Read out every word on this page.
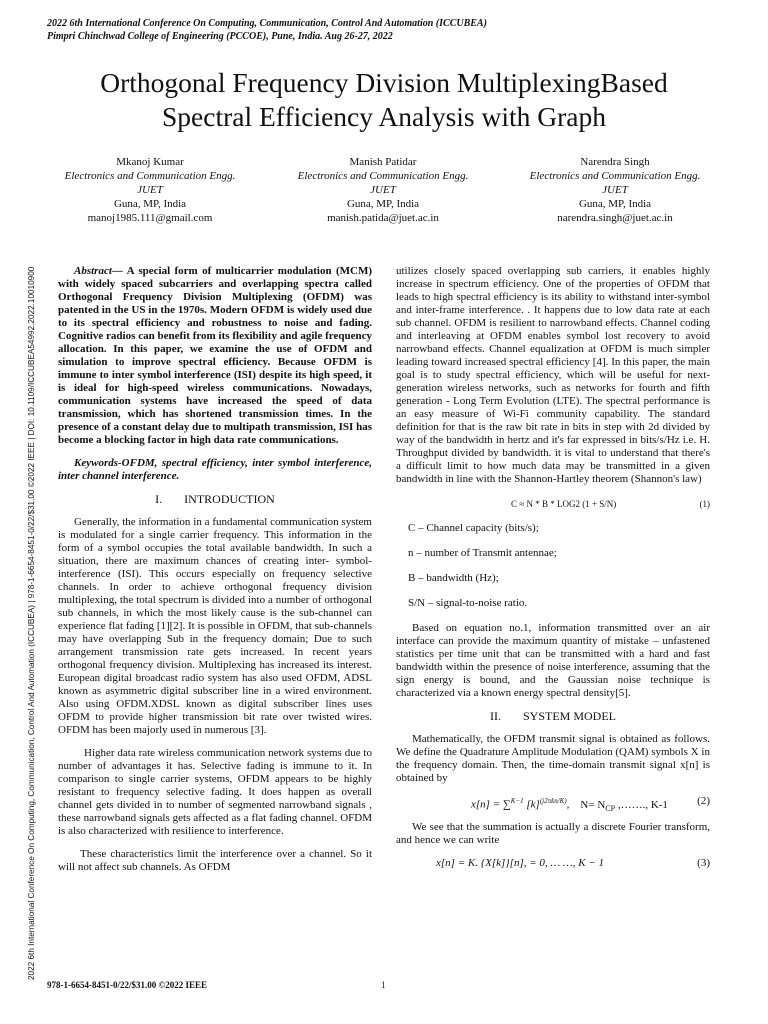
2022 6th International Conference On Computing, Communication, Control And Automation (ICCUBEA)
Pimpri Chinchwad College of Engineering (PCCOE), Pune, India. Aug 26-27, 2022
Orthogonal Frequency Division MultiplexingBased
Spectral Efficiency Analysis with Graph
Mkanoj Kumar
Electronics and Communication Engg.
JUET
Guna, MP, India
manoj1985.111@gmail.com
Manish Patidar
Electronics and Communication Engg.
JUET
Guna, MP, India
manish.patida@juet.ac.in
Narendra Singh
Electronics and Communication Engg.
JUET
Guna, MP, India
narendra.singh@juet.ac.in
2022 6th International Conference On Computing, Communication, Control And Automation (ICCUBEA) | 978-1-6654-8451-0/22/$31.00 ©2022 IEEE | DOI: 10.1109/ICCUBEA54992.2022.10010900	Abstract— A special form of multicarrier modulation (MCM) with widely spaced subcarriers and overlapping spectra called Orthogonal Frequency Division Multiplexing (OFDM) was patented in the US in the 1970s. Modern OFDM is widely used due to its spectral efficiency and robustness to noise and fading. Cognitive radios can benefit from its flexibility and agile frequency allocation. In this paper, we examine the use of OFDM and simulation to improve spectral efficiency. Because OFDM is immune to inter symbol interference (ISI) despite its high speed, it is ideal for high-speed wireless communications. Nowadays, communication systems have increased the speed of data transmission, which has shortened transmission times. In the presence of a constant delay due to multipath transmission, ISI has become a blocking factor in high data rate communications.

Keywords-OFDM, spectral efficiency, inter symbol interference, inter channel interference.

I. INTRODUCTION

Generally, the information in a fundamental communication system is modulated for a single carrier frequency. This information in the form of a symbol occupies the total available bandwidth. In such a situation, there are maximum chances of creating inter- symbol- interference (ISI). This occurs especially on frequency selective channels. In order to achieve orthogonal frequency division multiplexing, the total spectrum is divided into a number of orthogonal sub channels, in which the most likely cause is the sub-channel can experience flat fading [1][2]. It is possible in OFDM, that sub-channels may have overlapping Sub in the frequency domain; Due to such arrangement transmission rate gets increased. In recent years orthogonal frequency division. Multiplexing has increased its interest. European digital broadcast radio system has also used OFDM, ADSL known as asymmetric digital subscriber line in a wired environment. Also using OFDM.XDSL known as digital subscriber lines uses OFDM to provide higher transmission bit rate over twisted wires. OFDM has been majorly used in numerous [3].

Higher data rate wireless communication network systems due to number of advantages it has. Selective fading is immune to it. In comparison to single carrier systems, OFDM appears to be highly resistant to frequency selective fading. It does happen as overall channel gets divided in to number of segmented narrowband signals , these narrowband signals gets affected as a flat fading channel. OFDM is also characterized with resilience to interference.

These characteristics limit the interference over a channel. So it will not affect sub channels. As OFDM

utilizes closely spaced overlapping sub carriers, it enables highly increase in spectrum efficiency. One of the properties of OFDM that leads to high spectral efficiency is its ability to withstand inter-symbol and inter-frame interference. . It happens due to low data rate at each sub channel. OFDM is resilient to narrowband effects. Channel coding and interleaving at OFDM enables symbol lost recovery to avoid narrowband effects. Channel equalization at OFDM is much simpler leading toward increased spectral efficiency [4]. In this paper, the main goal is to study spectral efficiency, which will be useful for next-generation wireless networks, such as networks for fourth and fifth generation - Long Term Evolution (LTE). The spectral performance is an easy measure of Wi-Fi community capability. The standard definition for that is the raw bit rate in bits in step with 2d divided by way of the bandwidth in hertz and it's far expressed in bits/s/Hz i.e. H. Throughput divided by bandwidth. it is vital to understand that there's a difficult limit to how much data may be transmitted in a given bandwidth in line with the Shannon-Hartley theorem (Shannon's law)

C ≈ N * B * LOG2 (1 + S/N)	(1)

C – Channel capacity (bits/s);

n – number of Transmit antennae;

B – bandwidth (Hz);

S/N – signal-to-noise ratio.

Based on equation no.1, information transmitted over an air interface can provide the maximum quantity of mistake – unfastened statistics per time unit that can be transmitted with a hard and fast bandwidth within the presence of noise interference, assuming that the sign energy is bound, and the Gaussian noise technique is characterized via a known energy spectral density[5].

II. SYSTEM MODEL

Mathematically, the OFDM transmit signal is obtained as follows. We define the Quadrature Amplitude Modulation (QAM) symbols X in the frequency domain. Then, the time-domain transmit signal x[n] is obtained by

x[n] = ∑$^{K-1}$ $[k]^{(j2\pi kn/K)}$, $N= N_{CP}$ ,……., K-1	(2)

We see that the summation is actually a discrete Fourier transform, and hence we can write

x[n] = K. {X[k]}[n], = 0, … …, K − 1	(3)
978-1-6654-8451-0/22/$31.00 ©2022 IEEE	1
